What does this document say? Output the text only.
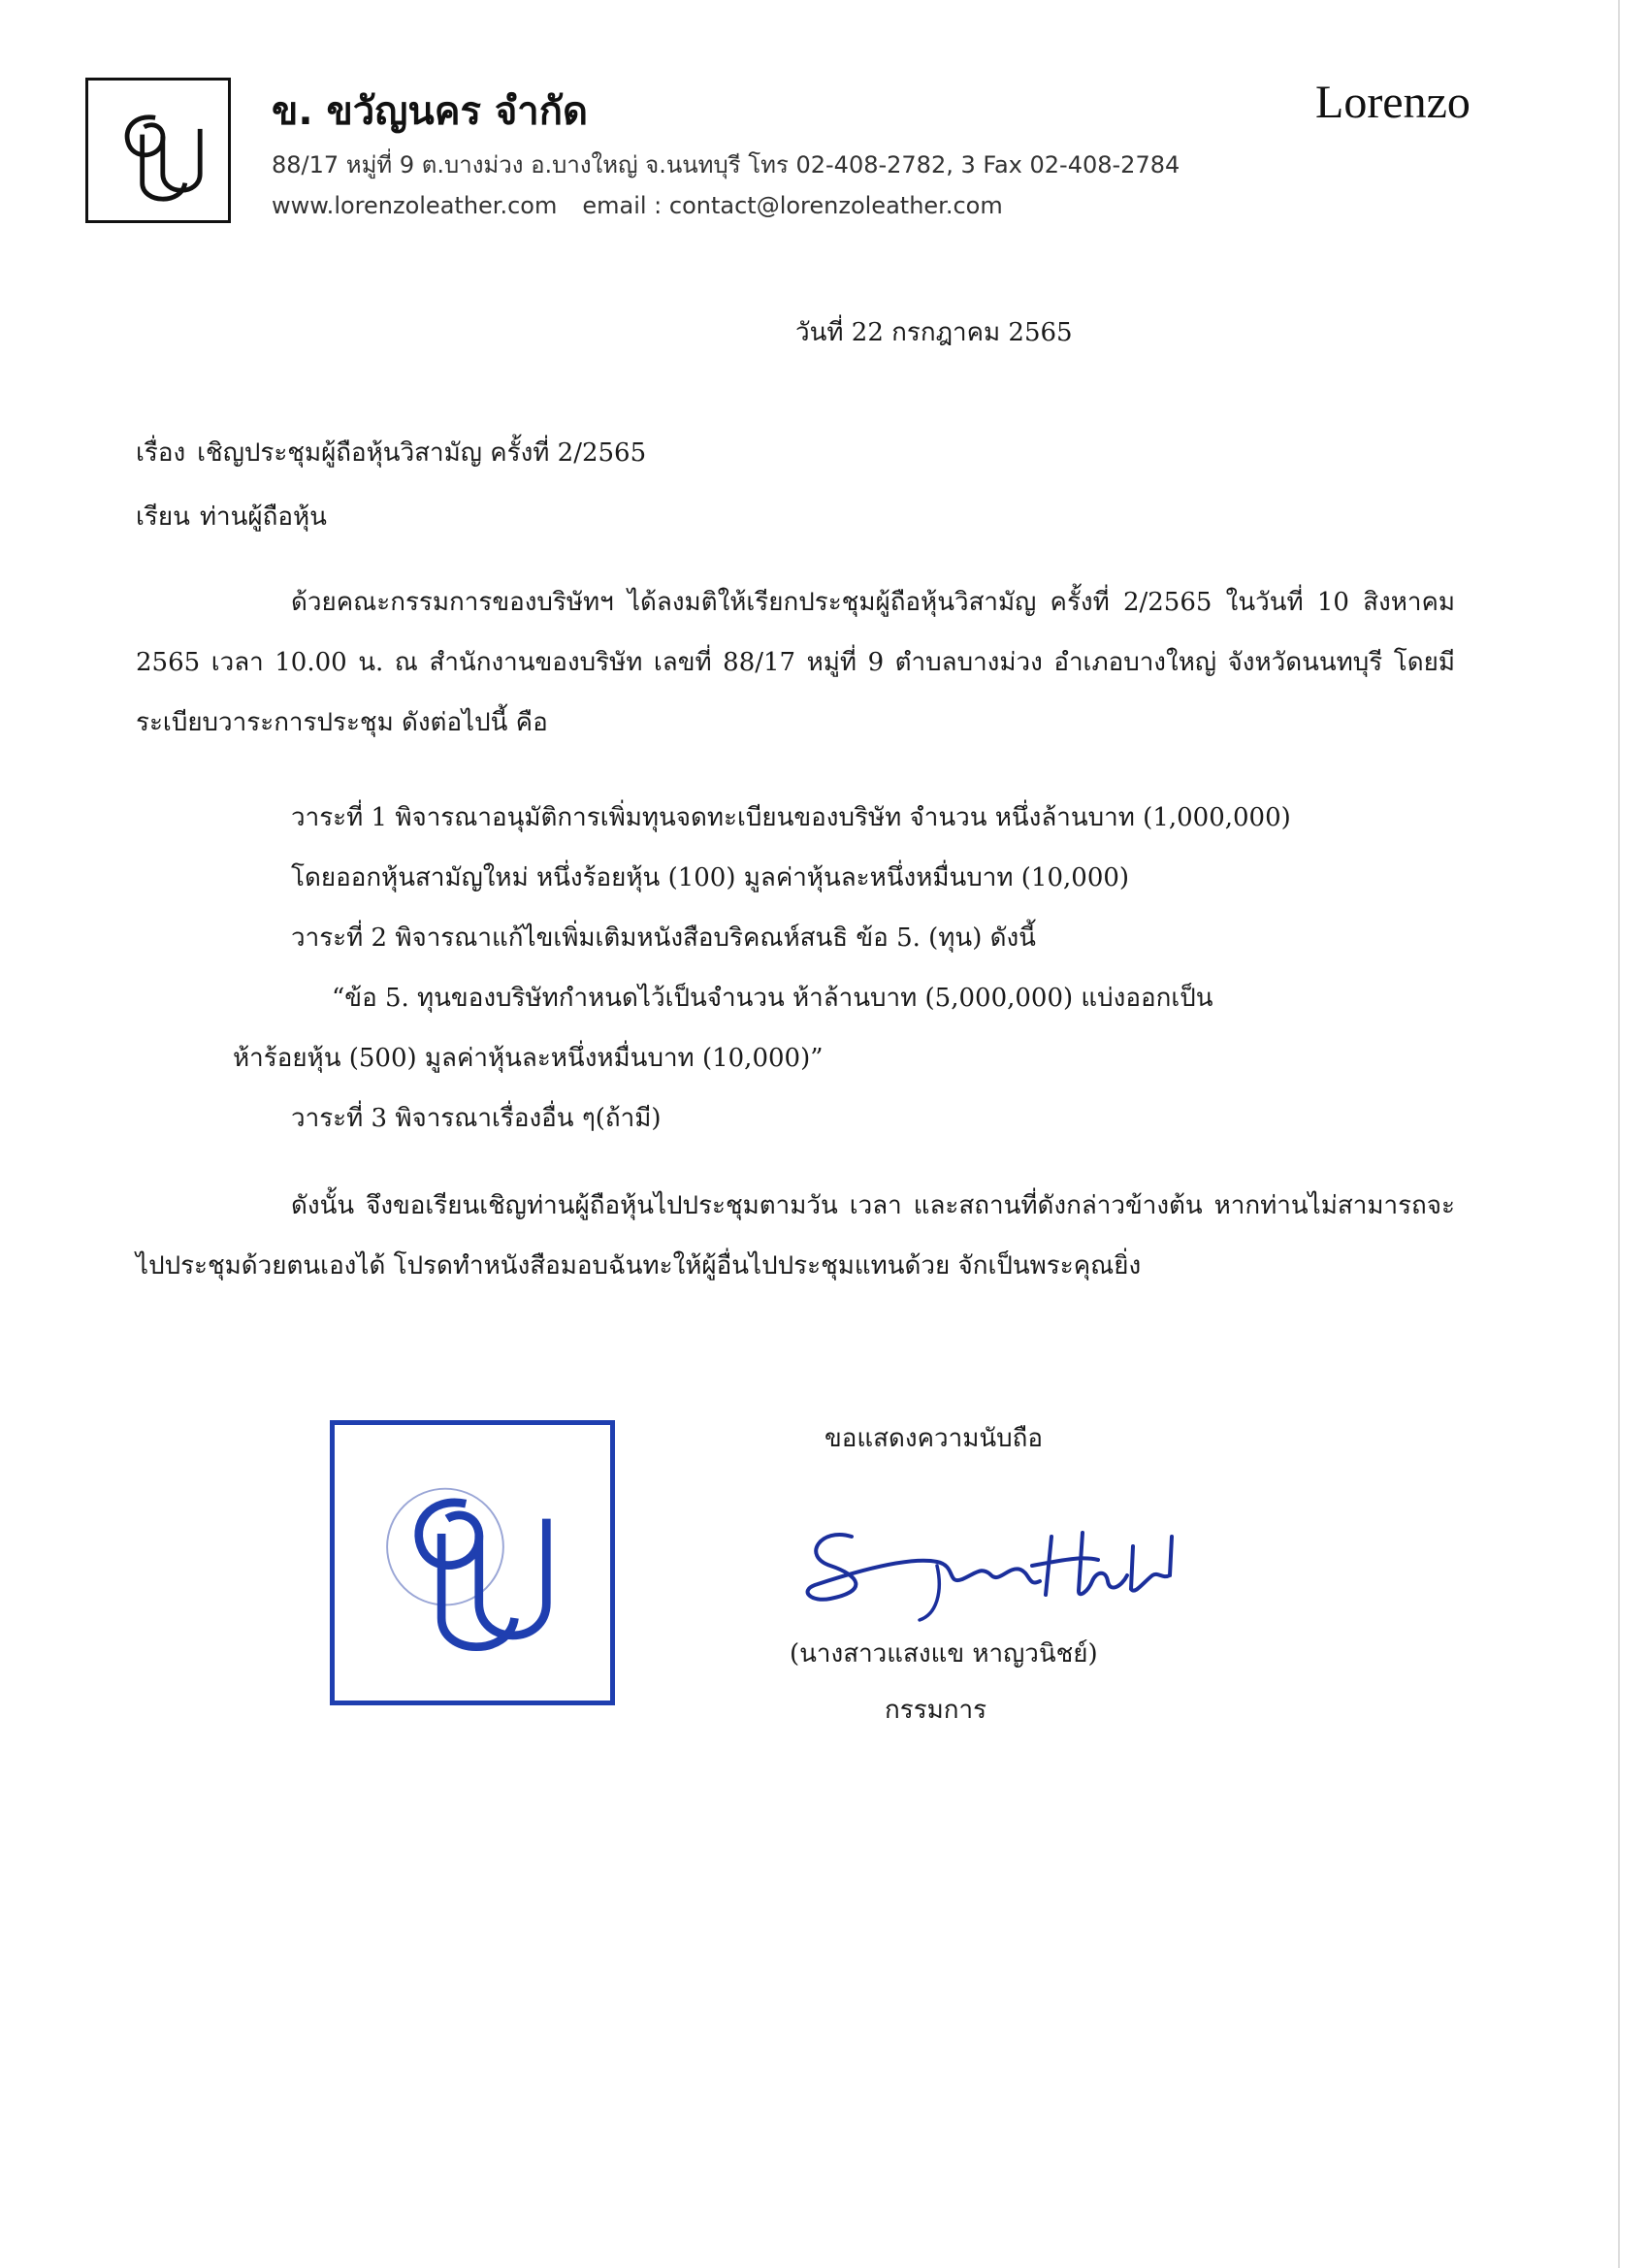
ข. ขวัญนคร จำกัด
88/17 หมู่ที่ 9 ต.บางม่วง อ.บางใหญ่ จ.นนทบุรี โทร 02-408-2782, 3 Fax 02-408-2784
www.lorenzoleather.com email : contact@lorenzoleather.com
Lorenzo
วันที่ 22 กรกฎาคม 2565
เรื่อง เชิญประชุมผู้ถือหุ้นวิสามัญ ครั้งที่ 2/2565
เรียน ท่านผู้ถือหุ้น
ด้วยคณะกรรมการของบริษัทฯ ได้ลงมติให้เรียกประชุมผู้ถือหุ้นวิสามัญ ครั้งที่ 2/2565 ในวันที่ 10 สิงหาคม 2565 เวลา 10.00 น. ณ สำนักงานของบริษัท เลขที่ 88/17 หมู่ที่ 9 ตำบลบางม่วง อำเภอบางใหญ่ จังหวัดนนทบุรี โดยมีระเบียบวาระการประชุม ดังต่อไปนี้ คือ
วาระที่ 1 พิจารณาอนุมัติการเพิ่มทุนจดทะเบียนของบริษัท จำนวน หนึ่งล้านบาท (1,000,000)
โดยออกหุ้นสามัญใหม่ หนึ่งร้อยหุ้น (100) มูลค่าหุ้นละหนึ่งหมื่นบาท (10,000)
วาระที่ 2 พิจารณาแก้ไขเพิ่มเติมหนังสือบริคณห์สนธิ ข้อ 5. (ทุน) ดังนี้
“ข้อ 5. ทุนของบริษัทกำหนดไว้เป็นจำนวน ห้าล้านบาท (5,000,000) แบ่งออกเป็น
ห้าร้อยหุ้น (500) มูลค่าหุ้นละหนึ่งหมื่นบาท (10,000)”
วาระที่ 3 พิจารณาเรื่องอื่น ๆ(ถ้ามี)
ดังนั้น จึงขอเรียนเชิญท่านผู้ถือหุ้นไปประชุมตามวัน เวลา และสถานที่ดังกล่าวข้างต้น หากท่านไม่สามารถจะไปประชุมด้วยตนเองได้ โปรดทำหนังสือมอบฉันทะให้ผู้อื่นไปประชุมแทนด้วย จักเป็นพระคุณยิ่ง
ขอแสดงความนับถือ
(นางสาวแสงแข หาญวนิชย์)
กรรมการ
